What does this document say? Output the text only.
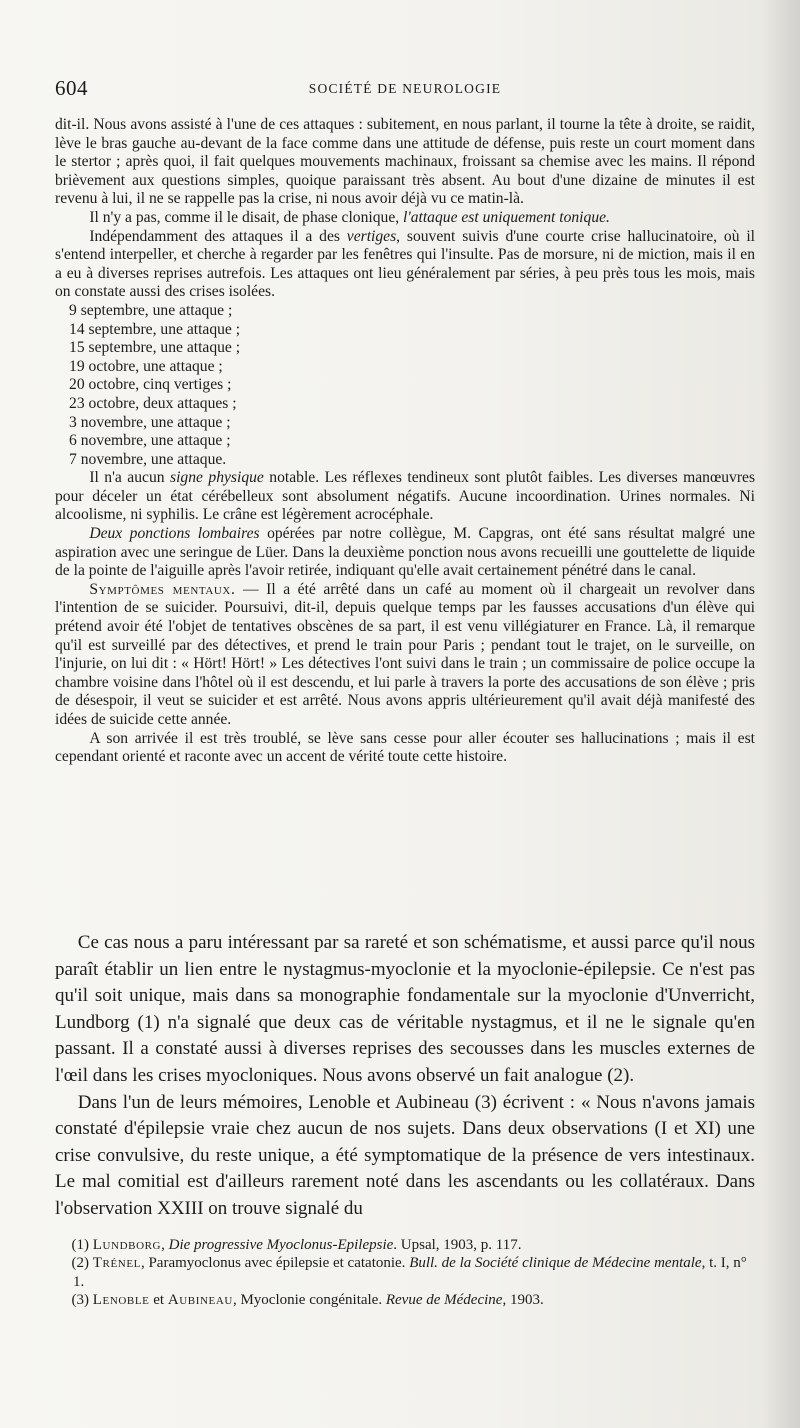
604	SOCIÉTÉ DE NEUROLOGIE

dit-il. Nous avons assisté à l'une de ces attaques : subitement, en nous parlant, il tourne la tête à droite, se raidit, lève le bras gauche au-devant de la face comme dans une attitude de défense, puis reste un court moment dans le stertor ; après quoi, il fait quelques mouvements machinaux, froissant sa chemise avec les mains. Il répond brièvement aux questions simples, quoique paraissant très absent. Au bout d'une dizaine de minutes il est revenu à lui, il ne se rappelle pas la crise, ni nous avoir déjà vu ce matin-là.

Il n'y a pas, comme il le disait, de phase clonique, l'attaque est uniquement tonique.

Indépendamment des attaques il a des vertiges, souvent suivis d'une courte crise hallucinatoire, où il s'entend interpeller, et cherche à regarder par les fenêtres qui l'insulte. Pas de morsure, ni de miction, mais il en a eu à diverses reprises autrefois. Les attaques ont lieu généralement par séries, à peu près tous les mois, mais on constate aussi des crises isolées.

9 septembre, une attaque ;

14 septembre, une attaque ;

15 septembre, une attaque ;

19 octobre, une attaque ;

20 octobre, cinq vertiges ;

23 octobre, deux attaques ;

3 novembre, une attaque ;

6 novembre, une attaque ;

7 novembre, une attaque.

Il n'a aucun signe physique notable. Les réflexes tendineux sont plutôt faibles. Les diverses manœuvres pour déceler un état cérébelleux sont absolument négatifs. Aucune incoordination. Urines normales. Ni alcoolisme, ni syphilis. Le crâne est légèrement acrocéphale.

Deux ponctions lombaires opérées par notre collègue, M. Capgras, ont été sans résultat malgré une aspiration avec une seringue de Lüer. Dans la deuxième ponction nous avons recueilli une gouttelette de liquide de la pointe de l'aiguille après l'avoir retirée, indiquant qu'elle avait certainement pénétré dans le canal.

Symptômes mentaux. — Il a été arrêté dans un café au moment où il chargeait un revolver dans l'intention de se suicider. Poursuivi, dit-il, depuis quelque temps par les fausses accusations d'un élève qui prétend avoir été l'objet de tentatives obscènes de sa part, il est venu villégiaturer en France. Là, il remarque qu'il est surveillé par des détectives, et prend le train pour Paris ; pendant tout le trajet, on le surveille, on l'injurie, on lui dit : « Hört! Hört! » Les détectives l'ont suivi dans le train ; un commissaire de police occupe la chambre voisine dans l'hôtel où il est descendu, et lui parle à travers la porte des accusations de son élève ; pris de désespoir, il veut se suicider et est arrêté. Nous avons appris ultérieurement qu'il avait déjà manifesté des idées de suicide cette année.

A son arrivée il est très troublé, se lève sans cesse pour aller écouter ses hallucinations ; mais il est cependant orienté et raconte avec un accent de vérité toute cette histoire.

Ce cas nous a paru intéressant par sa rareté et son schématisme, et aussi parce qu'il nous paraît établir un lien entre le nystagmus-myoclonie et la myoclonie-épilepsie. Ce n'est pas qu'il soit unique, mais dans sa monographie fondamentale sur la myoclonie d'Unverricht, Lundborg (1) n'a signalé que deux cas de véritable nystagmus, et il ne le signale qu'en passant. Il a constaté aussi à diverses reprises des secousses dans les muscles externes de l'œil dans les crises myocloniques. Nous avons observé un fait analogue (2).

Dans l'un de leurs mémoires, Lenoble et Aubineau (3) écrivent : « Nous n'avons jamais constaté d'épilepsie vraie chez aucun de nos sujets. Dans deux observations (I et XI) une crise convulsive, du reste unique, a été symptomatique de la présence de vers intestinaux. Le mal comitial est d'ailleurs rarement noté dans les ascendants ou les collatéraux. Dans l'observation XXIII on trouve signalé du

(1) Lundborg, Die progressive Myoclonus-Epilepsie. Upsal, 1903, p. 117.

(2) Trénel, Paramyoclonus avec épilepsie et catatonie. Bull. de la Société clinique de Médecine mentale, t. I, n° 1.

(3) Lenoble et Aubineau, Myoclonie congénitale. Revue de Médecine, 1903.
